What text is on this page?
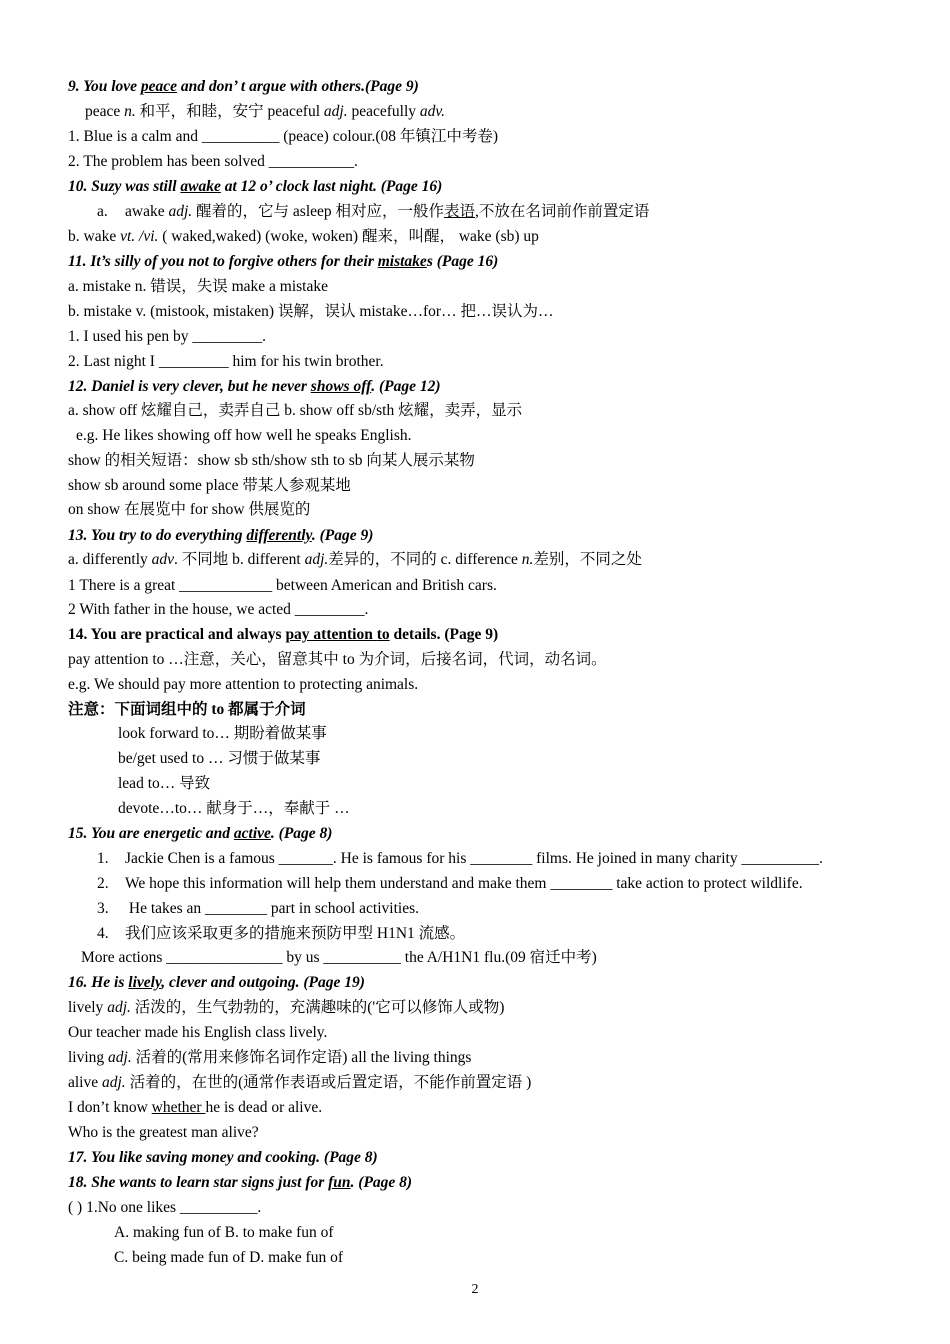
9. You love peace and don’ t argue with others.(Page 9)
peace n. 和平，和睦，安宁 peaceful adj. peacefully adv.
1. Blue is a calm and __________ (peace) colour.(08 年镇江中考卷)
2. The problem has been solved ___________.
10. Suzy was still awake at 12 o’ clock last night. (Page 16)
a. awake adj. 醒着的，它与 asleep 相对应，一般作表语,不放在名词前作前置定语
b. wake vt. /vi. ( waked,waked) (woke, woken) 醒来，叫醒， wake (sb) up
11. It’s silly of you not to forgive others for their mistakes (Page 16)
a. mistake n. 错误，失误 make a mistake
b. mistake v. (mistook, mistaken) 误解，误认 mistake…for… 把…误认为…
1. I used his pen by _________.
2. Last night I _________ him for his twin brother.
12. Daniel is very clever, but he never shows off. (Page 12)
a. show off 炫耀自己，卖弄自己 b. show off sb/sth 炫耀，卖弄，显示
e.g. He likes showing off how well he speaks English.
show 的相关短语：show sb sth/show sth to sb 向某人展示某物
show sb around some place 带某人参观某地
on show 在展览中 for show 供展览的
13. You try to do everything differently. (Page 9)
a. differently adv. 不同地 b. different adj.差异的，不同的 c. difference n.差别，不同之处
1 There is a great ____________ between American and British cars.
2 With father in the house, we acted _________.
14. You are practical and always pay attention to details. (Page 9)
pay attention to …注意，关心，留意其中 to 为介词，后接名词，代词，动名词。
e.g. We should pay more attention to protecting animals.
注意：下面词组中的 to 都属于介词
look forward to… 期盼着做某事
be/get used to … 习惯于做某事
lead to… 导致
devote…to… 献身于…，奉献于 …
15. You are energetic and active. (Page 8)
1. Jackie Chen is a famous _______. He is famous for his ________ films. He joined in many charity __________.
2. We hope this information will help them understand and make them ________ take action to protect wildlife.
3. He takes an ________ part in school activities.
4. 我们应该采取更多的措施来预防甲型 H1N1 流感。
More actions _______________ by us __________ the A/H1N1 flu.(09 宿迁中考)
16. He is lively, clever and outgoing. (Page 19)
lively adj. 活泼的，生气勃勃的，充满趣味的('它可以修饰人或物)
Our teacher made his English class lively.
living adj. 活着的(常用来修饰名词作定语) all the living things
alive adj. 活着的，在世的(通常作表语或后置定语，不能作前置定语 )
I don’t know whether he is dead or alive.
Who is the greatest man alive?
17. You like saving money and cooking. (Page 8)
18. She wants to learn star signs just for fun. (Page 8)
( ) 1.No one likes __________.
A. making fun of B. to make fun of
C. being made fun of D. make fun of
2
